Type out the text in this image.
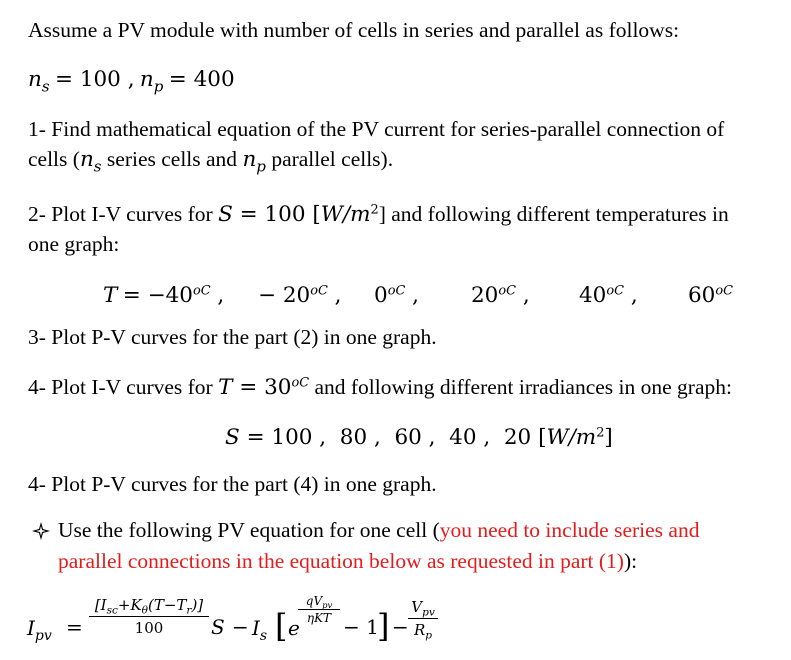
Assume a PV module with number of cells in series and parallel as follows:
$n_s = 100$ , $n_p = 400$
1- Find mathematical equation of the PV current for series-parallel connection of
cells ($n_s$ series cells and $n_p$ parallel cells).
2- Plot I-V curves for S = 100 $[W/m^2]$ and following different temperatures in
one graph:
$T = -40^{oC}$ , − $20^{oC}$ , $0^{oC}$ , $20^{oC}$ , $40^{oC}$ , $60^{oC}$
3- Plot P-V curves for the part (2) in one graph.
4- Plot I-V curves for $T = 30^{oC}$ and following different irradiances in one graph:
S = 100 ,  80 ,  60 ,  40 ,  20 $[W/m^2]$
4- Plot P-V curves for the part (4) in one graph.
Use the following PV equation for one cell (you need to include series and
parallel connections in the equation below as requested in part (1)):
$I_{pv}$ =
$[I_{sc}+K_\theta(T-T_r)]$
100	$S - I_s$ [ e
$qV_{pv}$
ηKT − 1
] −
$V_{pv}$
$R_p$
